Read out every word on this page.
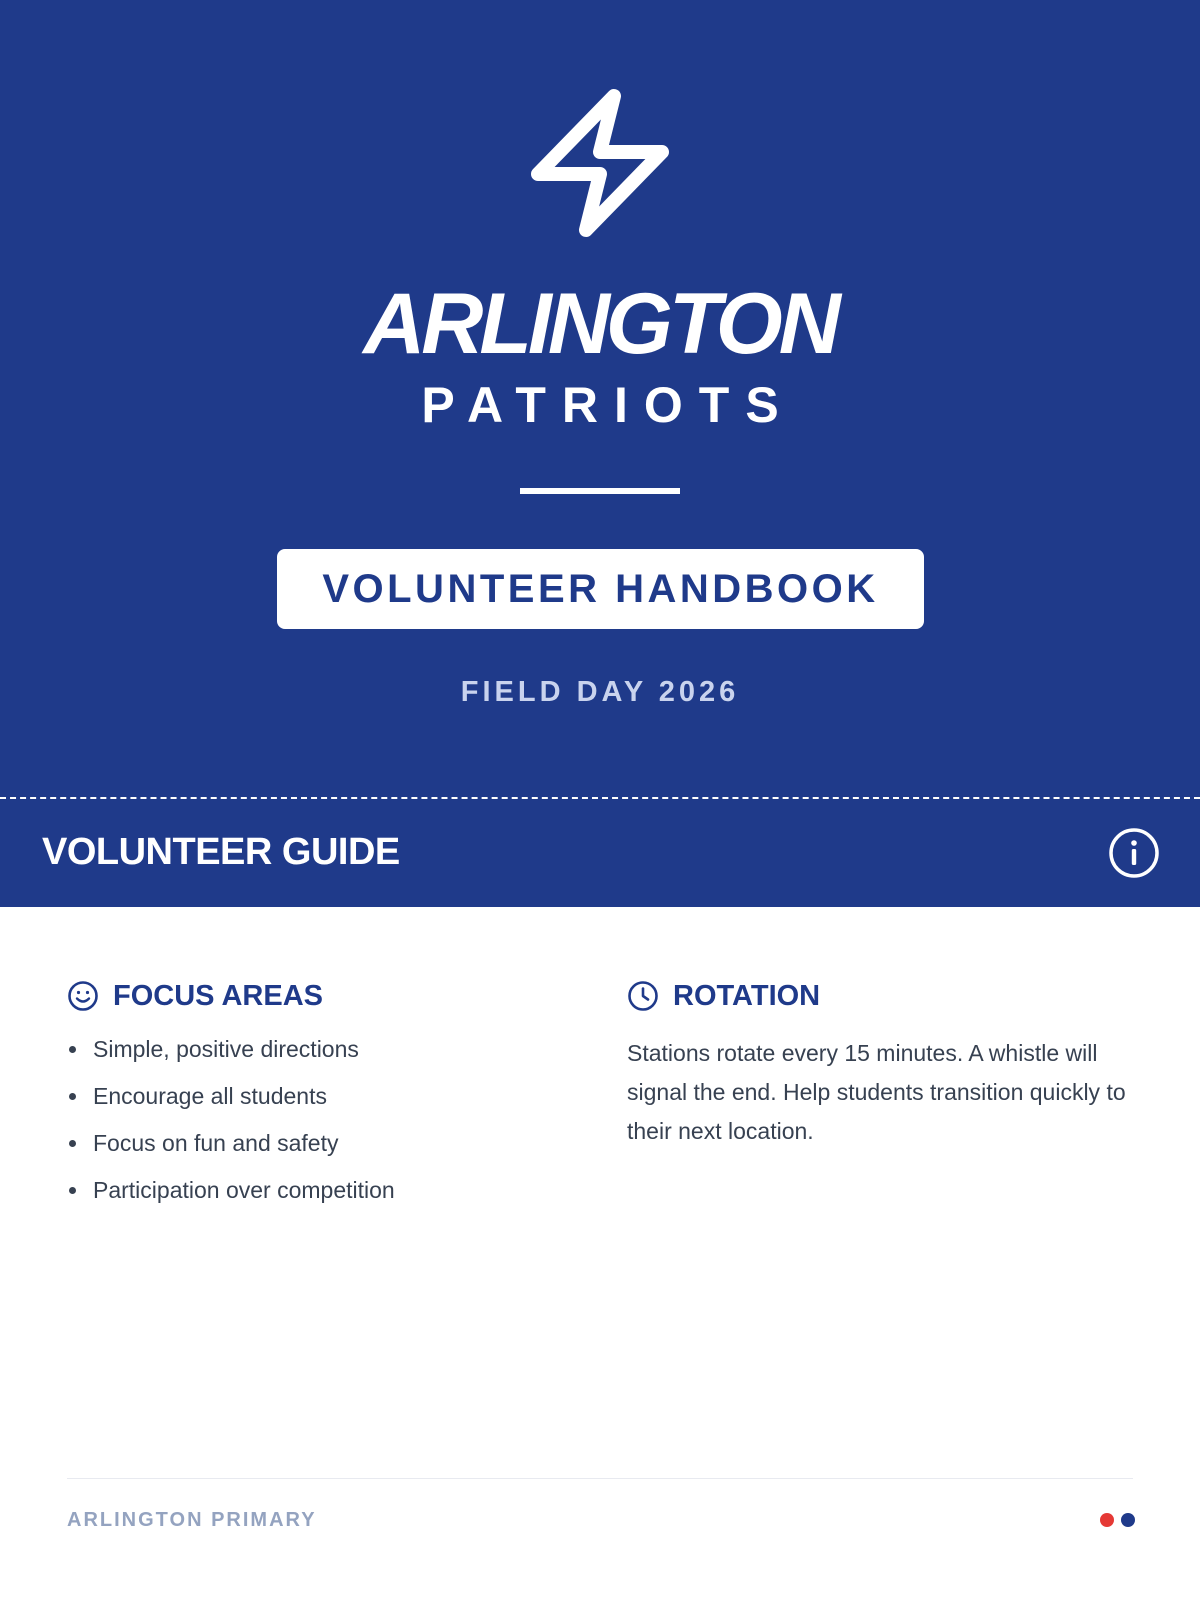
ARLINGTON
PATRIOTS
VOLUNTEER HANDBOOK
FIELD DAY 2026
VOLUNTEER GUIDE
FOCUS AREAS
Simple, positive directions
Encourage all students
Focus on fun and safety
Participation over competition
ROTATION
Stations rotate every 15 minutes. A whistle will signal the end. Help students transition quickly to their next location.
ARLINGTON PRIMARY
